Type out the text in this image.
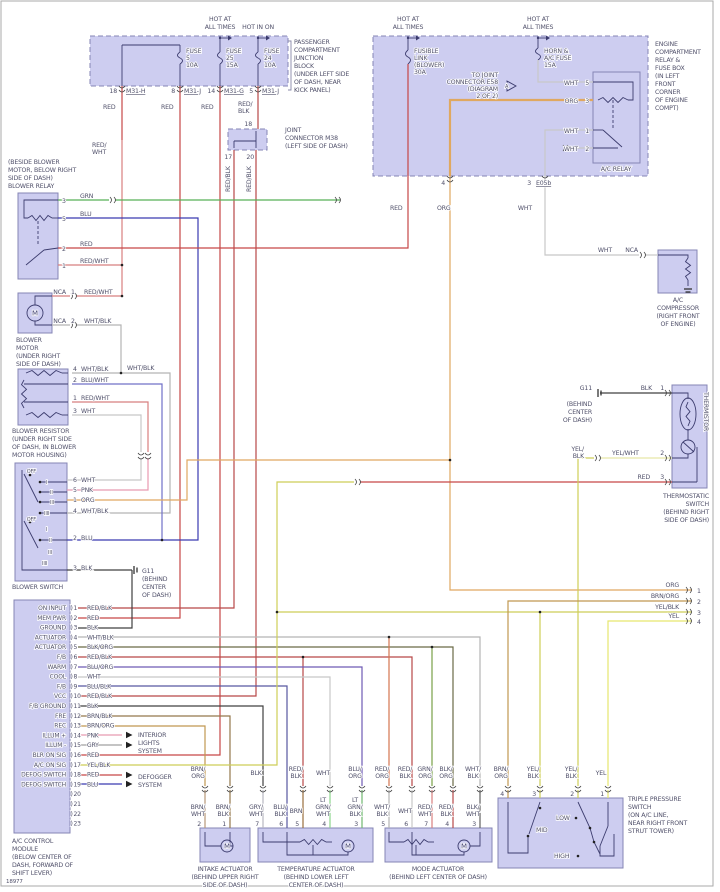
M
M	M	M
HOT AT
ALL TIMES HOT IN ON
HOT AT
ALL TIMES
HOT AT
ALL TIMES
FUSE
5
10A
FUSE
25
15A
FUSE
24
10A
PASSENGER
COMPARTMENT
JUNCTION
BLOCK
(UNDER LEFT SIDE
OF DASH, NEAR
KICK PANEL)
18 M31-H	8 M31-J 14 M31-G 5 M31-J
RED	RED	RED	RED/
BLK
RED/
WHT
18
17 20
JOINT
CONNECTOR M38
(LEFT SIDE OF DASH)
RED/BLK RED/BLK
FUSIBLE
LINK
(BLOWER)
30A
HORN &
A/C FUSE
15A
TO JOINT
CONNECTOR E58
(DIAGRAM
2 OF 2)
WHT 5
ORG 3
WHT 1
WHT 2
A/C RELAY
ENGINE
COMPARTMENT
RELAY &
FUSE BOX
(IN LEFT
FRONT
CORNER
OF ENGINE
COMPT)
4
RED	ORG
3 E05b
WHT
WHT NCA
A/C
COMPRESSOR
(RIGHT FRONT
OF ENGINE)
(BESIDE BLOWER
MOTOR, BELOW RIGHT
SIDE OF DASH)
BLOWER RELAY
3
GRN
5
BLU
2
RED
1
RED/WHT
NCA 1 RED/WHT
NCA 2 WHT/BLK
BLOWER
MOTOR
(UNDER RIGHT
SIDE OF DASH)
4 WHT/BLK
2 BLU/WHT
1 RED/WHT
3 WHT
WHT/BLK
BLOWER RESISTOR
(UNDER RIGHT SIDE
OF DASH, IN BLOWER
MOTOR HOUSING)
6 WHT
5 PNK
1 ORG
4 WHT/BLK
2 BLU
3 BLK
OFF
I
II
III
IIII
OFF
I
II
III
IIII
BLOWER SWITCH
G11
(BEHIND
CENTER
OF DASH)
INTERIOR
LIGHTS
SYSTEM
DEFOGGER
SYSTEM
A/C CONTROL
MODULE
(BELOW CENTER OF
DASH, FORWARD OF
SHIFT LEVER)
18977
BRN/
ORG	BLK
RED/
BLK WHT
BLU/
ORG
RED/
ORG
RED/
BLK
GRN/
ORG
BLK/
ORG
WHT/
BLK
BRN/
ORG
YEL/
BLK
YEL/
BLK	YEL
BRN/
WHT
BRN/
BLK
GRY/
WHT
BLU/
BLK BRN
LT
GRN/
WHT
LT
GRN/
BLK
WHT/
BLK WHT
RED/
WHT
RED/
BLK
BLK/
WHT
2	1	7	6 5	4	3	5	6	7	4	3
4	3	2	1
MID
LOW
HIGH
INTAKE ACTUATOR
(BEHIND UPPER RIGHT
SIDE OF DASH)
TEMPERATURE ACTUATOR
(BEHIND LOWER LEFT
CENTER OF DASH)
MODE ACTUATOR
(BEHIND LEFT CENTER OF DASH)
TRIPLE PRESSURE
SWITCH
(ON A/C LINE,
NEAR RIGHT FRONT
STRUT TOWER)
BLK 1
YEL/
BLK	YEL/WHT	2
RED 3
G11
(BEHIND
CENTER
OF DASH)	THERMISTOR
THERMOSTATIC
SWITCH
(BEHIND RIGHT
SIDE OF DASH)
ORG
1
BRN/ORG
2
YEL/BLK
3
YEL
4
A
) 1
ON INPUT	RED/BLK
) 2
MEM PWR	RED
) 3
GROUND	BLK
) 4
ACTUATOR	WHT/BLK
) 5
ACTUATOR	BLK/ORG
) 6
F/B	RED/BLK
) 7
WARM	BLU/ORG
) 8
COOL	WHT
) 9
F/B	BLU/BLK
) 10
VCC	RED/BLK
) 11
F/B GROUND	BLK
) 12
FRE	BRN/BLK
) 13
REC	BRN/ORG
) 14
ILLUM +	PNK
) 15
ILLUM -	GRY
) 16
BLR ON SIG	RED
) 17
A/C ON SIG	YEL/BLK
) 18
DEFOG SWITCH	RED
) 19
DEFOG SWITCH	BLU
) 20
) 21
) 22
) 23
